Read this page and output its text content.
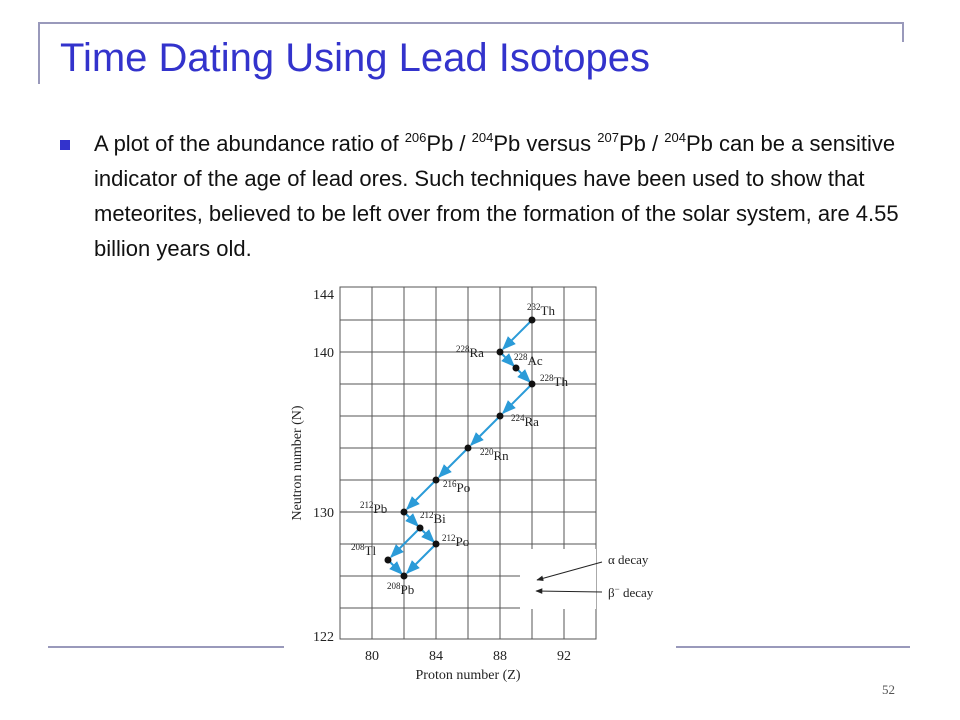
Time Dating Using Lead Isotopes
A plot of the abundance ratio of $^{206}$Pb / $^{204}$Pb versus $^{207}$Pb / $^{204}$Pb can be a sensitive indicator of the age of lead ores. Such techniques have been used to show that meteorites, believed to be left over from the formation of the solar system, are 4.55 billion years old.
80	84	88	92
122
130
140
144
Proton number (Z)
Neutron number (N)
$^{232}$Th
$^{228}$Ra	$^{228}$Ac
$^{228}$Th
$^{224}$Ra
$^{220}$Rn
$^{216}$Po
$^{212}$Pb	$^{212}$Bi
$^{212}$Po
$^{208}$Tl
$^{208}$Pb
α decay
β− decay
52
